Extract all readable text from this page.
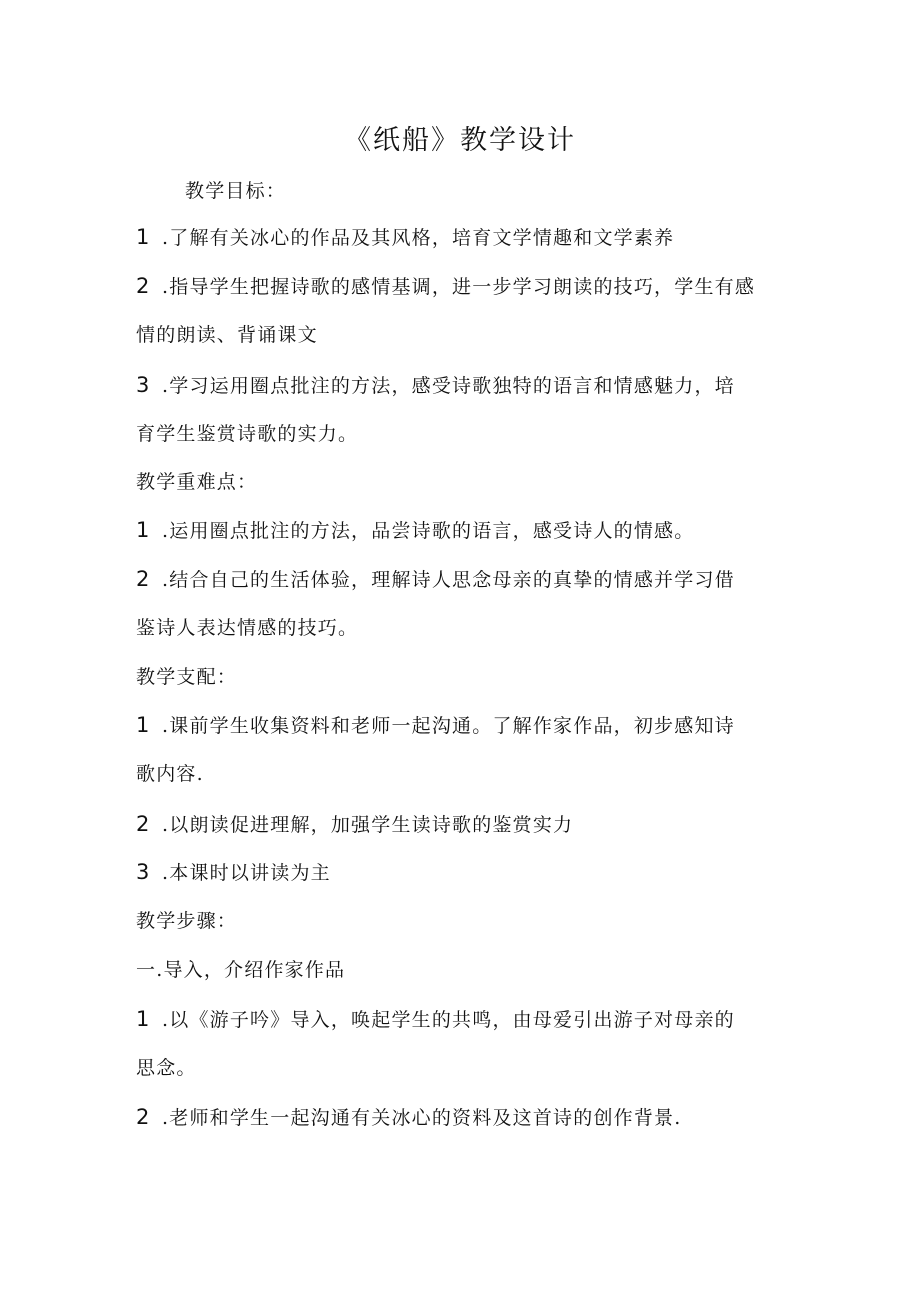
《纸船》教学设计
教学目标：
1 .了解有关冰心的作品及其风格，培育文学情趣和文学素养
2 .指导学生把握诗歌的感情基调，进一步学习朗读的技巧，学生有感
情的朗读、背诵课文
3 .学习运用圈点批注的方法，感受诗歌独特的语言和情感魅力，培
育学生鉴赏诗歌的实力。
教学重难点：
1 .运用圈点批注的方法，品尝诗歌的语言，感受诗人的情感。
2 .结合自己的生活体验，理解诗人思念母亲的真挚的情感并学习借
鉴诗人表达情感的技巧。
教学支配：
1 .课前学生收集资料和老师一起沟通。了解作家作品，初步感知诗
歌内容.
2 .以朗读促进理解，加强学生读诗歌的鉴赏实力
3 .本课时以讲读为主
教学步骤：
一.导入，介绍作家作品
1 .以《游子吟》导入，唤起学生的共鸣，由母爱引出游子对母亲的
思念。
2 .老师和学生一起沟通有关冰心的资料及这首诗的创作背景.
